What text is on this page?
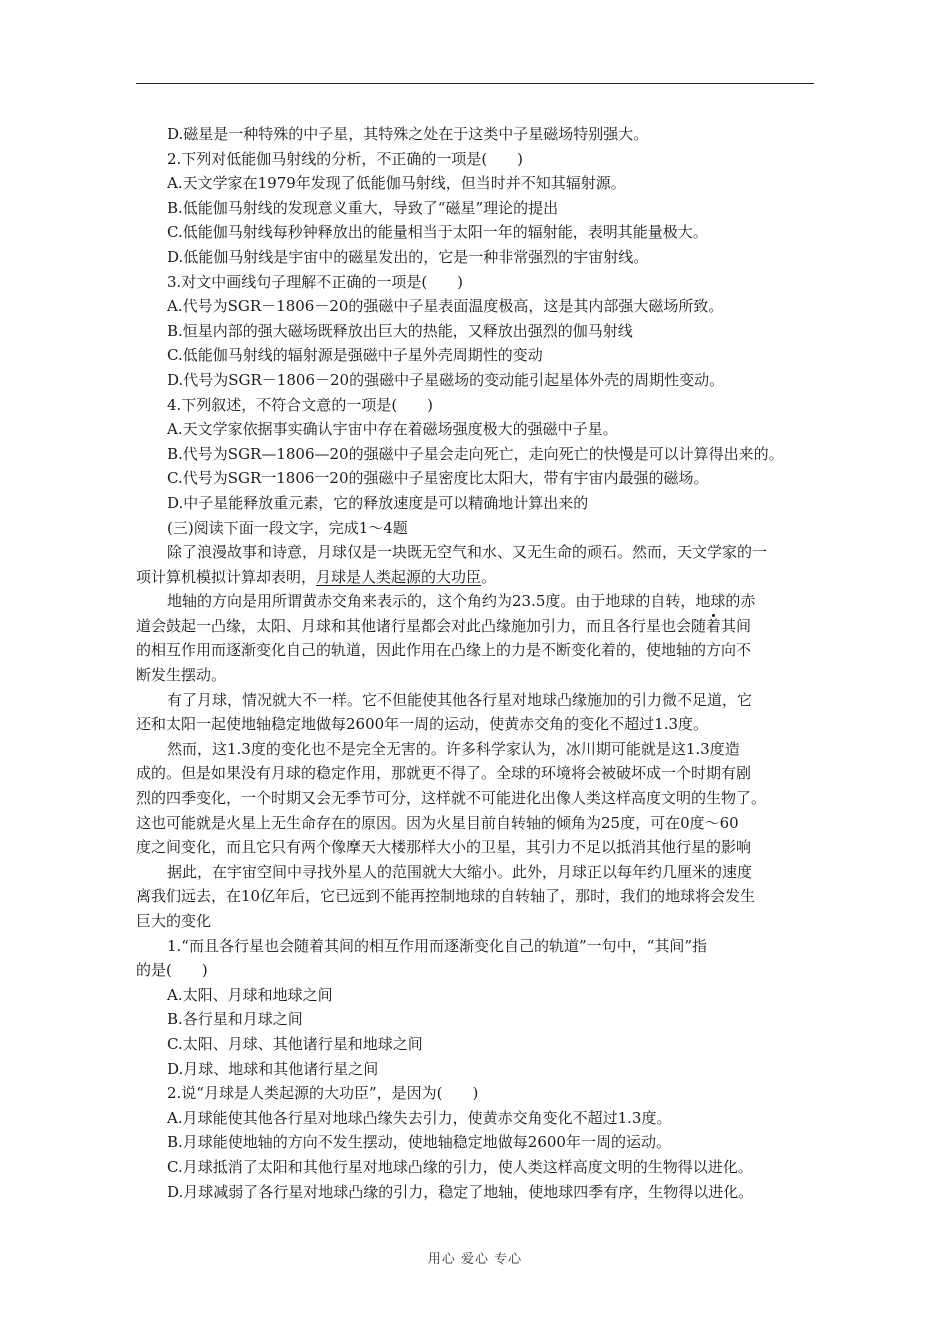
D.磁星是一种特殊的中子星，其特殊之处在于这类中子星磁场特别强大。
2.下列对低能伽马射线的分析，不正确的一项是(　　)
A.天文学家在1979年发现了低能伽马射线，但当时并不知其辐射源。
B.低能伽马射线的发现意义重大，导致了“磁星”理论的提出
C.低能伽马射线每秒钟释放出的能量相当于太阳一年的辐射能，表明其能量极大。
D.低能伽马射线是宇宙中的磁星发出的，它是一种非常强烈的宇宙射线。
3.对文中画线句子理解不正确的一项是(　　)
A.代号为SGR－1806－20的强磁中子星表面温度极高，这是其内部强大磁场所致。
B.恒星内部的强大磁场既释放出巨大的热能，又释放出强烈的伽马射线
C.低能伽马射线的辐射源是强磁中子星外壳周期性的变动
D.代号为SGR－1806－20的强磁中子星磁场的变动能引起星体外壳的周期性变动。
4.下列叙述，不符合文意的一项是(　　)
A.天文学家依据事实确认宇宙中存在着磁场强度极大的强磁中子星。
B.代号为SGR—1806—20的强磁中子星会走向死亡，走向死亡的快慢是可以计算得出来的。
C.代号为SGR一1806一20的强磁中子星密度比太阳大，带有宇宙内最强的磁场。
D.中子星能释放重元素，它的释放速度是可以精确地计算出来的
(三)阅读下面一段文字，完成1～4题
除了浪漫故事和诗意，月球仅是一块既无空气和水、又无生命的顽石。然而，天文学家的一
项计算机模拟计算却表明，月球是人类起源的大功臣。
地轴的方向是用所谓黄赤交角来表示的，这个角约为23.5度。由于地球的自转，地球的赤
道会鼓起一凸缘，太阳、月球和其他诸行星都会对此凸缘施加引力，而且各行星也会随着其间
的相互作用而逐渐变化自己的轨道，因此作用在凸缘上的力是不断变化着的，使地轴的方向不
断发生摆动。
有了月球，情况就大不一样。它不但能使其他各行星对地球凸缘施加的引力微不足道，它
还和太阳一起使地轴稳定地做每2600年一周的运动，使黄赤交角的变化不超过1.3度。
然而，这1.3度的变化也不是完全无害的。许多科学家认为，冰川期可能就是这1.3度造
成的。但是如果没有月球的稳定作用，那就更不得了。全球的环境将会被破坏成一个时期有剧
烈的四季变化，一个时期又会无季节可分，这样就不可能进化出像人类这样高度文明的生物了。
这也可能就是火星上无生命存在的原因。因为火星目前自转轴的倾角为25度，可在0度～60
度之间变化，而且它只有两个像摩天大楼那样大小的卫星，其引力不足以抵消其他行星的影响
据此，在宇宙空间中寻找外星人的范围就大大缩小。此外，月球正以每年约几厘米的速度
离我们远去，在10亿年后，它已远到不能再控制地球的自转轴了，那时，我们的地球将会发生
巨大的变化
1.“而且各行星也会随着其间的相互作用而逐渐变化自己的轨道”一句中，“其间”指
的是(　　)
A.太阳、月球和地球之间
B.各行星和月球之间
C.太阳、月球、其他诸行星和地球之间
D.月球、地球和其他诸行星之间
2.说“月球是人类起源的大功臣”，是因为(　　)
A.月球能使其他各行星对地球凸缘失去引力，使黄赤交角变化不超过1.3度。
B.月球能使地轴的方向不发生摆动，使地轴稳定地做每2600年一周的运动。
C.月球抵消了太阳和其他行星对地球凸缘的引力，使人类这样高度文明的生物得以进化。
D.月球减弱了各行星对地球凸缘的引力，稳定了地轴，使地球四季有序，生物得以进化。
用心 爱心 专心
